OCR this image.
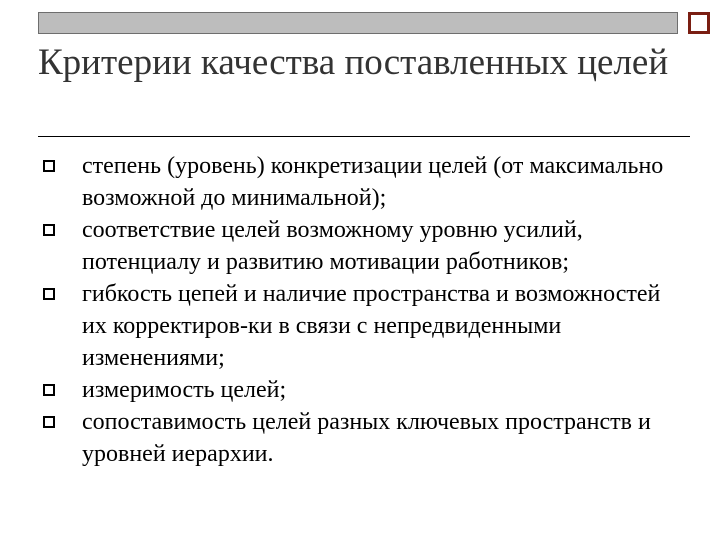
Критерии качества поставленных целей
степень (уровень) конкретизации целей (от максимально возможной до минимальной);
соответствие целей возможному уровню усилий, потенциалу и развитию мотивации работников;
гибкость цепей и наличие пространства и возможностей их корректиров-ки в связи с непредвиденными изменениями;
измеримость целей;
сопоставимость целей разных ключевых пространств и уровней иерархии.
